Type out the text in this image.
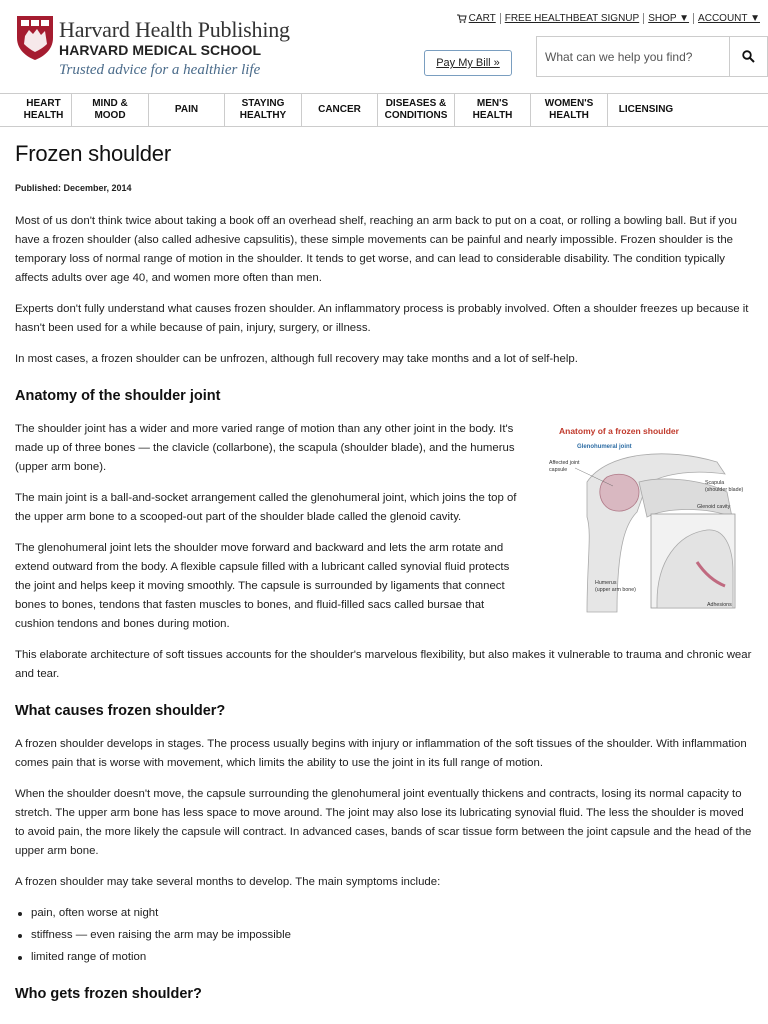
Harvard Health Publishing
HARVARD MEDICAL SCHOOL
Trusted advice for a healthier life
CART FREE HEALTHBEAT SIGNUP SHOP ▼ ACCOUNT ▼
Pay My Bill »
What can we help you find?
HEART
HEALTH
MIND &
MOOD
PAIN
STAYING
HEALTHY
CANCER
DISEASES &
CONDITIONS
MEN'S
HEALTH
WOMEN'S
HEALTH
LICENSING
Frozen shoulder
Published: December, 2014

Most of us don't think twice about taking a book off an overhead shelf, reaching an arm back to put on a coat, or rolling a bowling ball. But if you have a frozen shoulder (also called adhesive capsulitis), these simple movements can be painful and nearly impossible. Frozen shoulder is the temporary loss of normal range of motion in the shoulder. It tends to get worse, and can lead to considerable disability. The condition typically affects adults over age 40, and women more often than men.

Experts don't fully understand what causes frozen shoulder. An inflammatory process is probably involved. Often a shoulder freezes up because it hasn't been used for a while because of pain, injury, surgery, or illness.

In most cases, a frozen shoulder can be unfrozen, although full recovery may take months and a lot of self-help.

Anatomy of the shoulder joint
Anatomy of a frozen shoulder
Glenohumeral joint
Affected joint
capsule
Scapula
(shoulder blade)
Glenoid cavity
Humerus
(upper arm bone)
Adhesions

The shoulder joint has a wider and more varied range of motion than any other joint in the body. It's made up of three bones — the clavicle (collarbone), the scapula (shoulder blade), and the humerus (upper arm bone).

The main joint is a ball-and-socket arrangement called the glenohumeral joint, which joins the top of the upper arm bone to a scooped-out part of the shoulder blade called the glenoid cavity.

The glenohumeral joint lets the shoulder move forward and backward and lets the arm rotate and extend outward from the body. A flexible capsule filled with a lubricant called synovial fluid protects the joint and helps keep it moving smoothly. The capsule is surrounded by ligaments that connect bones to bones, tendons that fasten muscles to bones, and fluid-filled sacs called bursae that cushion tendons and bones during motion.

This elaborate architecture of soft tissues accounts for the shoulder's marvelous flexibility, but also makes it vulnerable to trauma and chronic wear and tear.

What causes frozen shoulder?

A frozen shoulder develops in stages. The process usually begins with injury or inflammation of the soft tissues of the shoulder. With inflammation comes pain that is worse with movement, which limits the ability to use the joint in its full range of motion.

When the shoulder doesn't move, the capsule surrounding the glenohumeral joint eventually thickens and contracts, losing its normal capacity to stretch. The upper arm bone has less space to move around. The joint may also lose its lubricating synovial fluid. The less the shoulder is moved to avoid pain, the more likely the capsule will contract. In advanced cases, bands of scar tissue form between the joint capsule and the head of the upper arm bone.

A frozen shoulder may take several months to develop. The main symptoms include:

pain, often worse at night
stiffness — even raising the arm may be impossible
limited range of motion
Who gets frozen shoulder?
